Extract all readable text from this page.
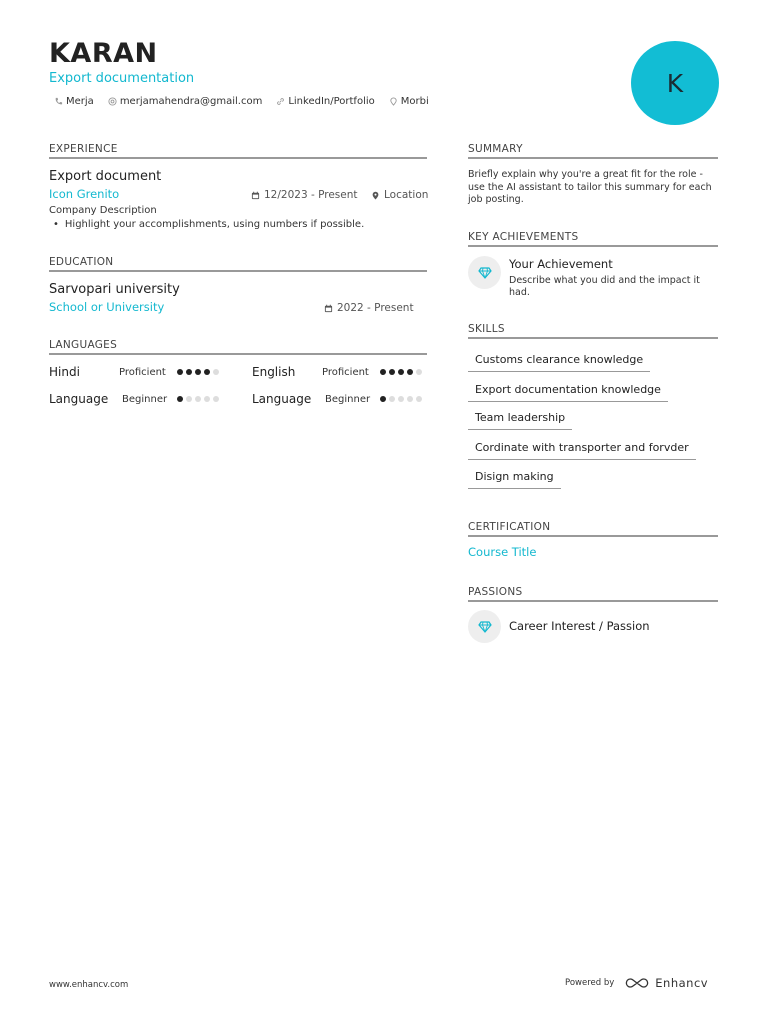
KARAN
Export documentation
Merja	merjamahendra@gmail.com	LinkedIn/Portfolio	Morbi
K
EXPERIENCE
Export document
Icon Grenito	12/2023 - Present	Location
Company Description
• Highlight your accomplishments, using numbers if possible.
EDUCATION
Sarvopari university
School or University	2022 - Present
LANGUAGES
Hindi	Proficient	English	Proficient
Language	Beginner	Language	Beginner
SUMMARY
Briefly explain why you're a great fit for the role - use the AI assistant to tailor this summary for each job posting.
KEY ACHIEVEMENTS
Your Achievement
Describe what you did and the impact it had.
SKILLS
Customs clearance knowledge
Export documentation knowledge
Team leadership
Cordinate with transporter and forvder
Disign making
CERTIFICATION
Course Title
PASSIONS
Career Interest / Passion
www.enhancv.com	Powered by	Enhancv
